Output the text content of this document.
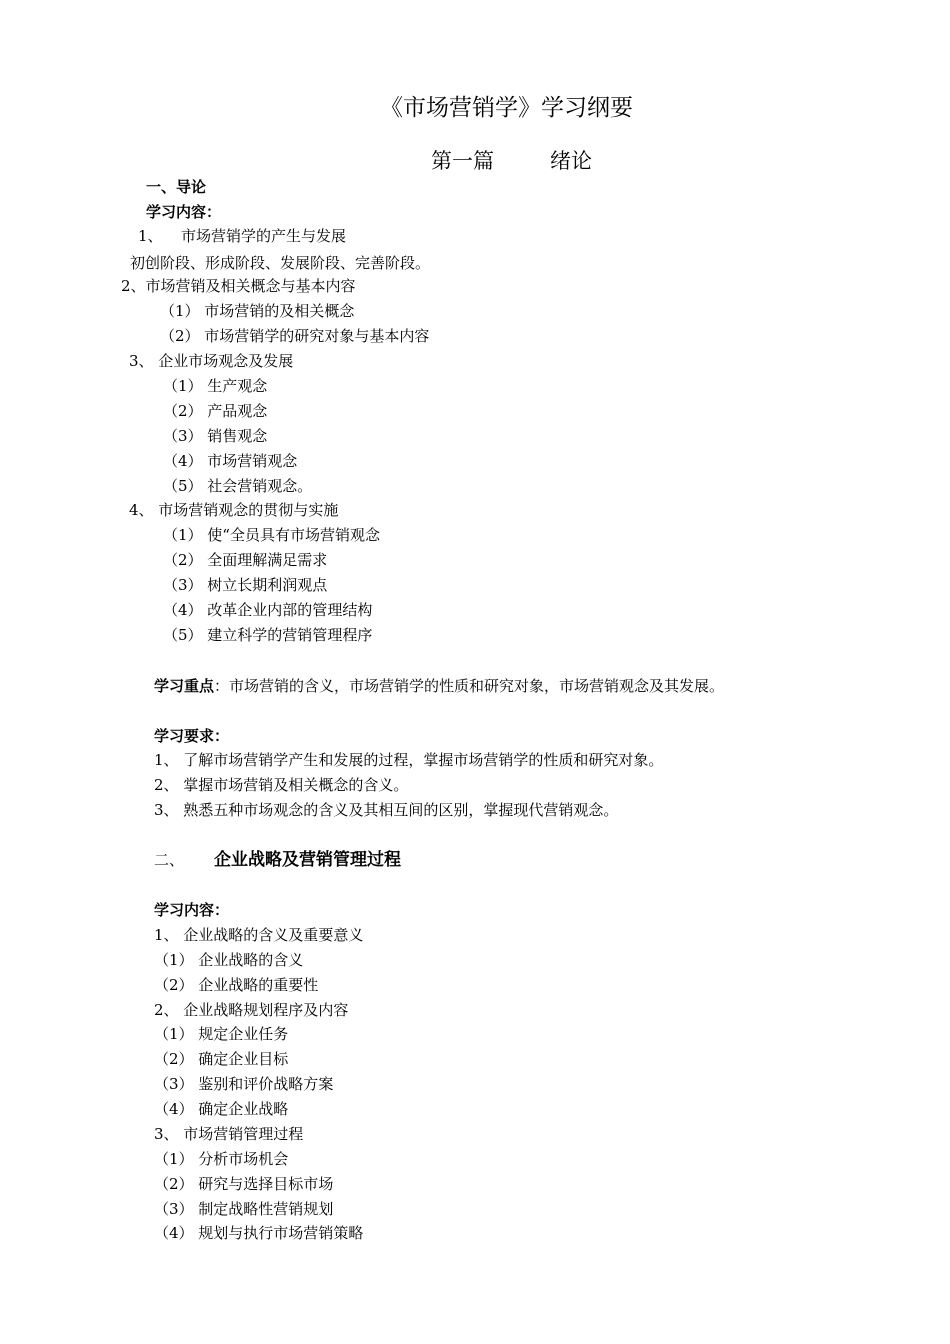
《市场营销学》学习纲要
第一篇	绪论
一、导论
学习内容：
1、 市场营销学的产生与发展
初创阶段、形成阶段、发展阶段、完善阶段。
2、市场营销及相关概念与基本内容
（1） 市场营销的及相关概念
（2） 市场营销学的研究对象与基本内容
3、 企业市场观念及发展
（1） 生产观念
（2） 产品观念
（3） 销售观念
（4） 市场营销观念
（5） 社会营销观念。
4、 市场营销观念的贯彻与实施
（1） 使“全员具有市场营销观念
（2） 全面理解满足需求
（3） 树立长期利润观点
（4） 改革企业内部的管理结构
（5） 建立科学的营销管理程序
学习重点：市场营销的含义，市场营销学的性质和研究对象，市场营销观念及其发展。
学习要求：
1、 了解市场营销学产生和发展的过程，掌握市场营销学的性质和研究对象。
2、 掌握市场营销及相关概念的含义。
3、 熟悉五种市场观念的含义及其相互间的区别，掌握现代营销观念。
二、 企业战略及营销管理过程
学习内容：
1、 企业战略的含义及重要意义
（1） 企业战略的含义
（2） 企业战略的重要性
2、 企业战略规划程序及内容
（1） 规定企业任务
（2） 确定企业目标
（3） 鉴别和评价战略方案
（4） 确定企业战略
3、 市场营销管理过程
（1） 分析市场机会
（2） 研究与选择目标市场
（3） 制定战略性营销规划
（4） 规划与执行市场营销策略
